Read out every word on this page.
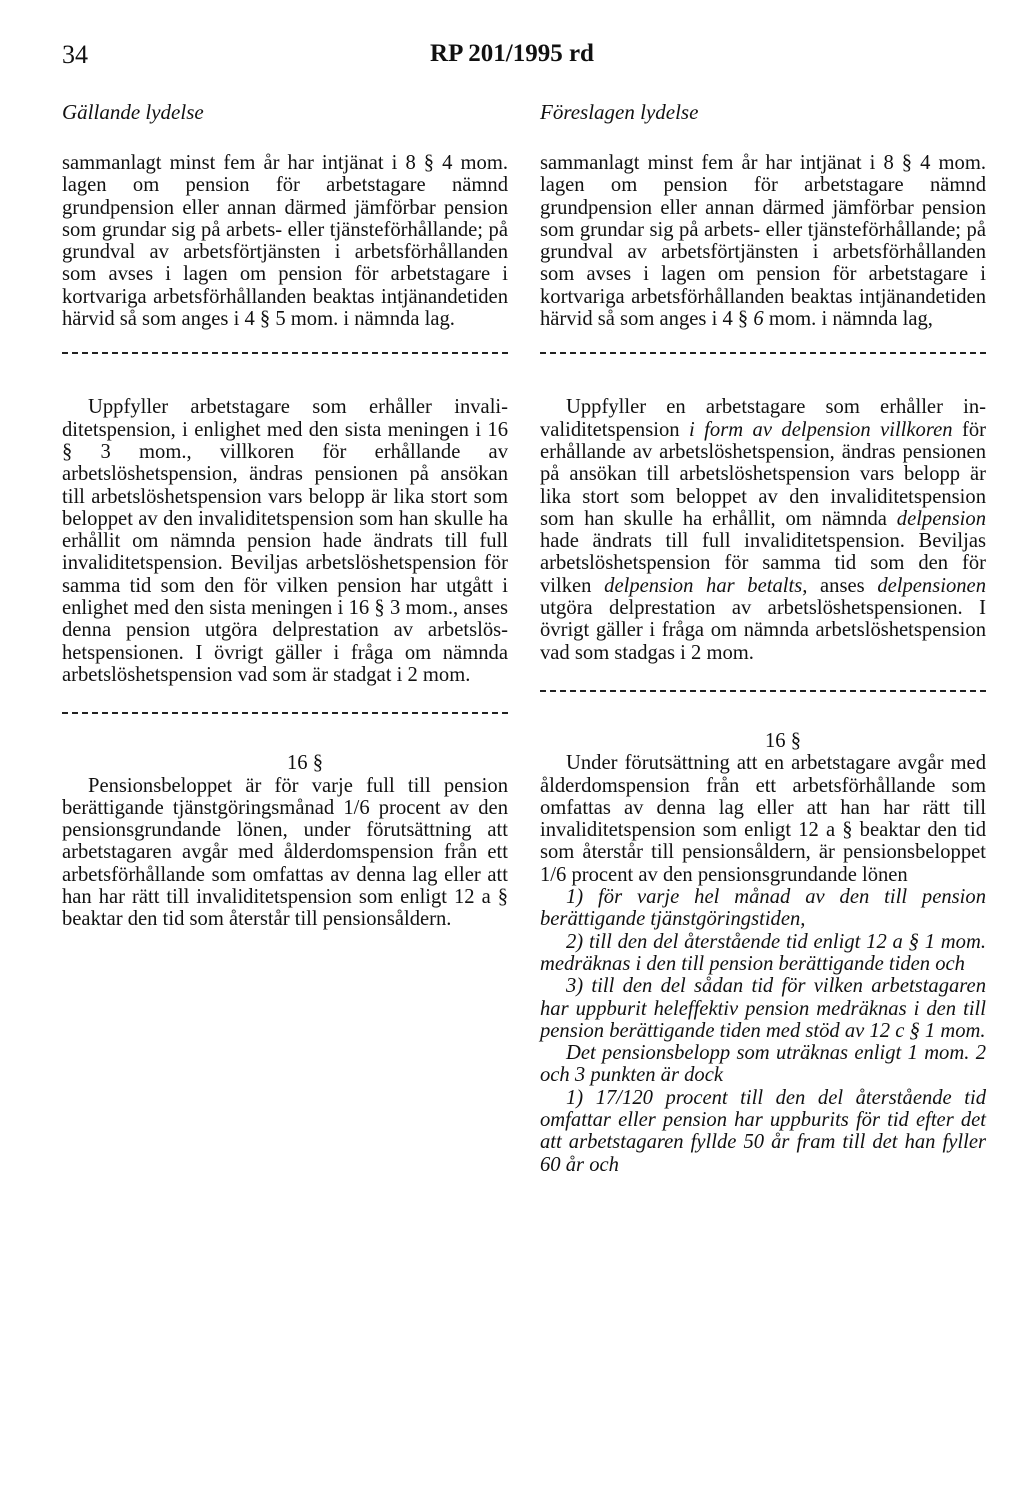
34	RP 201/1995 rd
Gällande lydelse	Föreslagen lydelse

sammanlagt minst fem år har intjänat i 8 § 4 mom. lagen om pension för arbetstagare nämnd grundpension eller annan därmed jämförbar pension som grundar sig på arbets- eller tjänsteförhållande; på grundval av arbetsförtjänsten i arbetsförhållanden som avses i lagen om pension för arbetstagare i kortvariga arbetsförhållanden beaktas intjänandetiden härvid så som anges i 4 § 5 mom. i nämnda lag.

Uppfyller arbetstagare som erhåller invaliditetspension, i enlighet med den sista meningen i 16 § 3 mom., villkoren för erhållande av arbetslöshetspension, ändras pensionen på ansökan till arbetslöshetspension vars belopp är lika stort som beloppet av den invaliditetspension som han skulle ha erhållit om nämnda pension hade ändrats till full invaliditetspension. Beviljas arbetslöshetspension för samma tid som den för vilken pension har utgått i enlighet med den sista meningen i 16 § 3 mom., anses denna pension utgöra delprestation av arbetslöshetspensionen. I övrigt gäller i fråga om nämnda arbetslöshetspension vad som är stadgat i 2 mom.

16 §

Pensionsbeloppet är för varje full till pension berättigande tjänstgöringsmånad 1/6 procent av den pensionsgrundande lönen, under förutsättning att arbetstagaren avgår med ålderdomspension från ett arbetsförhållande som omfattas av denna lag eller att han har rätt till invaliditetspension som enligt 12 a § beaktar den tid som återstår till pensionsåldern.

sammanlagt minst fem år har intjänat i 8 § 4 mom. lagen om pension för arbetstagare nämnd grundpension eller annan därmed jämförbar pension som grundar sig på arbets- eller tjänsteförhållande; på grundval av arbetsförtjänsten i arbetsförhållanden som avses i lagen om pension för arbetstagare i kortvariga arbetsförhållanden beaktas intjänandetiden härvid så som anges i 4 § 6 mom. i nämnda lag,

Uppfyller en arbetstagare som erhåller invaliditetspension i form av delpension villkoren för erhållande av arbetslöshetspension, ändras pensionen på ansökan till arbetslöshetspension vars belopp är lika stort som beloppet av den invaliditetspension som han skulle ha erhållit, om nämnda delpension hade ändrats till full invaliditetspension. Beviljas arbetslöshetspension för samma tid som den för vilken delpension har betalts, anses delpensionen utgöra delprestation av arbetslöshetspensionen. I övrigt gäller i fråga om nämnda arbetslöshetspension vad som stadgas i 2 mom.

16 §

Under förutsättning att en arbetstagare avgår med ålderdomspension från ett arbetsförhållande som omfattas av denna lag eller att han har rätt till invaliditetspension som enligt 12 a § beaktar den tid som återstår till pensionsåldern, är pensionsbeloppet 1/6 procent av den pensionsgrundande lönen

1) för varje hel månad av den till pension berättigande tjänstgöringstiden,

2) till den del återstående tid enligt 12 a § 1 mom. medräknas i den till pension berättigande tiden och

3) till den del sådan tid för vilken arbetstagaren har uppburit heleffektiv pension medräknas i den till pension berättigande tiden med stöd av 12 c § 1 mom.

Det pensionsbelopp som uträknas enligt 1 mom. 2 och 3 punkten är dock

1) 17/120 procent till den del återstående tid omfattar eller pension har uppburits för tid efter det att arbetstagaren fyllde 50 år fram till det han fyller 60 år och
